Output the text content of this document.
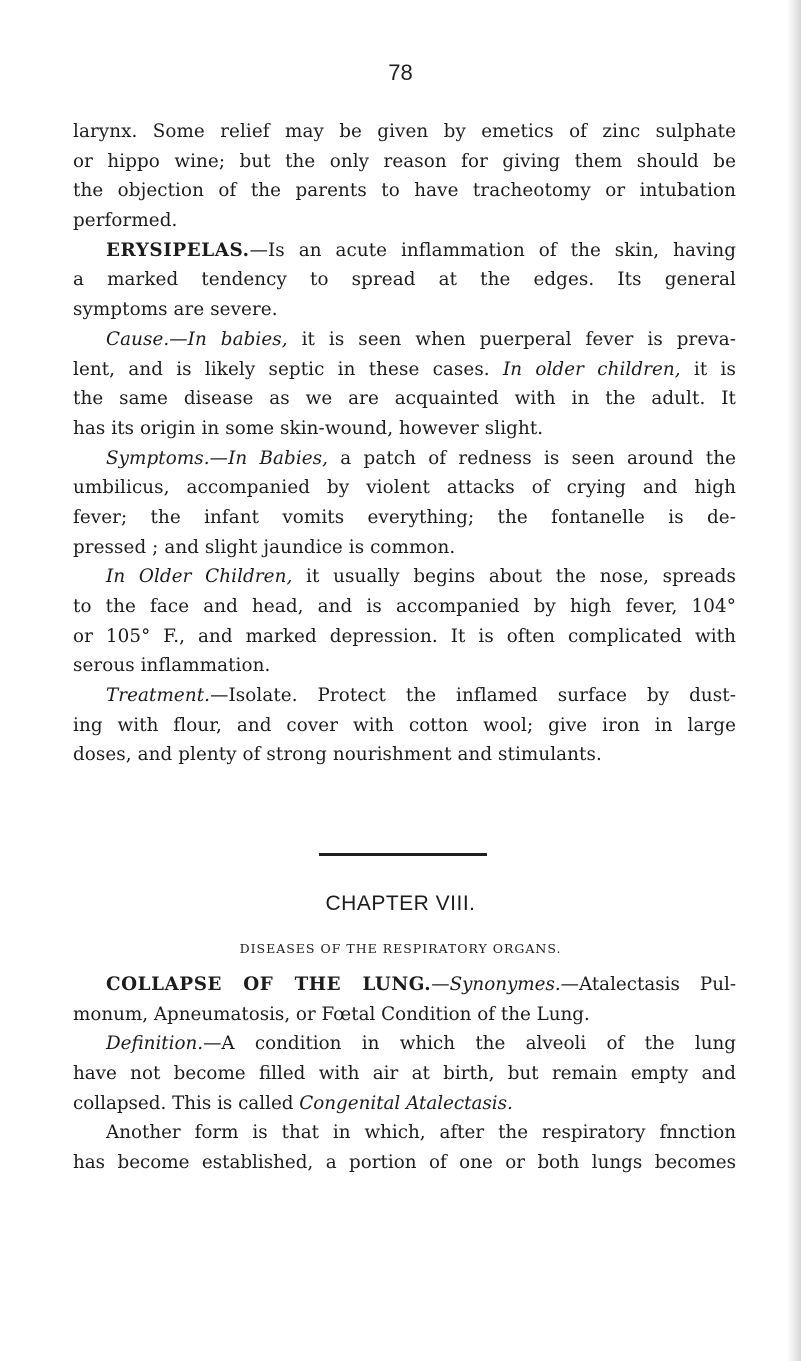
78
larynx. Some relief may be given by emetics of zinc sulphate
or hippo wine; but the only reason for giving them should be
the objection of the parents to have tracheotomy or intubation
performed.
ERYSIPELAS.—Is an acute inflammation of the skin, having
a marked tendency to spread at the edges. Its general
symptoms are severe.
Cause.—In babies, it is seen when puerperal fever is preva-
lent, and is likely septic in these cases. In older children, it is
the same disease as we are acquainted with in the adult. It
has its origin in some skin-wound, however slight.
Symptoms.—In Babies, a patch of redness is seen around the
umbilicus, accompanied by violent attacks of crying and high
fever; the infant vomits everything; the fontanelle is de-
pressed ; and slight jaundice is common.
In Older Children, it usually begins about the nose, spreads
to the face and head, and is accompanied by high fever, 104°
or 105° F., and marked depression. It is often complicated with
serous inflammation.
Treatment.—Isolate. Protect the inflamed surface by dust-
ing with flour, and cover with cotton wool; give iron in large
doses, and plenty of strong nourishment and stimulants.
CHAPTER VIII.
DISEASES OF THE RESPIRATORY ORGANS.
COLLAPSE OF THE LUNG.—Synonymes.—Atalectasis Pul-
monum, Apneumatosis, or Fœtal Condition of the Lung.
Definition.—A condition in which the alveoli of the lung
have not become filled with air at birth, but remain empty and
collapsed. This is called Congenital Atalectasis.
Another form is that in which, after the respiratory fnnction
has become established, a portion of one or both lungs becomes
